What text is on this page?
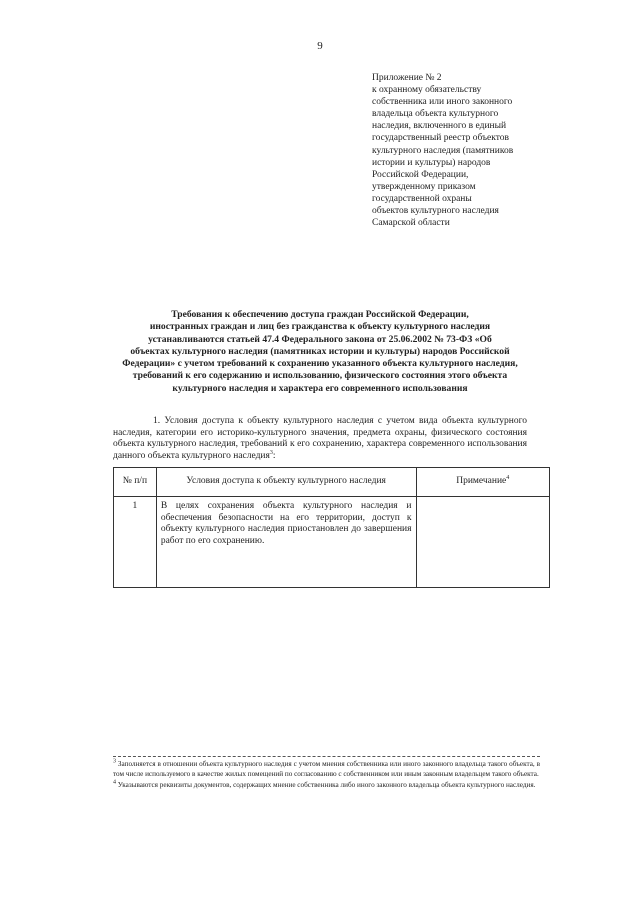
9
Приложение № 2
к охранному обязательству
собственника или иного законного
владельца объекта культурного
наследия, включенного в единый
государственный реестр объектов
культурного наследия (памятников
истории и культуры) народов
Российской Федерации,
утвержденному приказом
государственной охраны
объектов культурного наследия
Самарской области
Требования к обеспечению доступа граждан Российской Федерации,
иностранных граждан и лиц без гражданства к объекту культурного наследия
устанавливаются статьей 47.4 Федерального закона от 25.06.2002 № 73-ФЗ «Об
объектах культурного наследия (памятниках истории и культуры) народов Российской
Федерации» с учетом требований к сохранению указанного объекта культурного наследия,
требований к его содержанию и использованию, физического состояния этого объекта
культурного наследия и характера его современного использования
1. Условия доступа к объекту культурного наследия с учетом вида объекта культурного наследия, категории его историко-культурного значения, предмета охраны, физического состояния объекта культурного наследия, требований к его сохранению, характера современного использования данного объекта культурного наследия$^3$:
№ п/п	Условия доступа к объекту культурного наследия	Примечание$^4$
1	В целях сохранения объекта культурного наследия и обеспечения безопасности на его территории, доступ к объекту культурного наследия приостановлен до завершения работ по его сохранению.	
$^3$ Заполняется в отношении объекта культурного наследия с учетом мнения собственника или иного законного владельца такого объекта, в том числе используемого в качестве жилых помещений по согласованию с собственником или иным законным владельцем такого объекта.
$^4$ Указываются реквизиты документов, содержащих мнение собственника либо иного законного владельца объекта культурного наследия.
